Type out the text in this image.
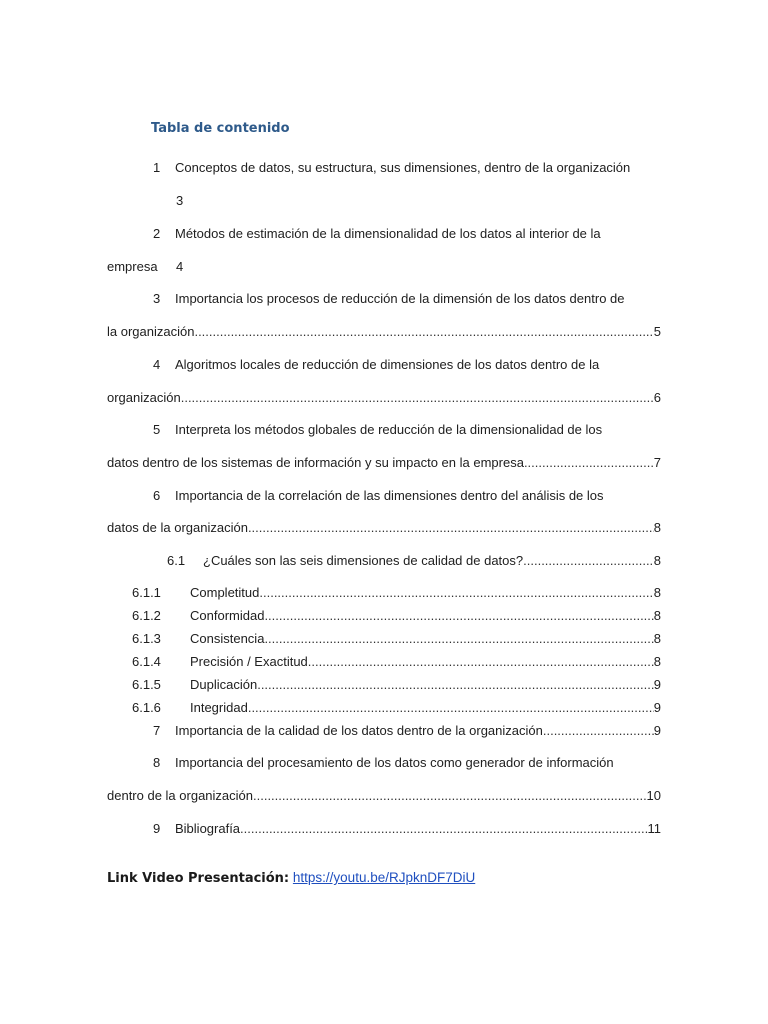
Tabla de contenido
1 Conceptos de datos, su estructura, sus dimensiones, dentro de la organización
3
2 Métodos de estimación de la dimensionalidad de los datos al interior de la
empresa 4
3 Importancia los procesos de reducción de la dimensión de los datos dentro de
la organización .....	5
4 Algoritmos locales de reducción de dimensiones de los datos dentro de la
organización .....	6
5 Interpreta los métodos globales de reducción de la dimensionalidad de los
datos dentro de los sistemas de información y su impacto en la empresa .....	7
6 Importancia de la correlación de las dimensiones dentro del análisis de los
datos de la organización .....	8
6.1	¿Cuáles son las seis dimensiones de calidad de datos? .....	8
6.1.1	Completitud .....	8
6.1.2	Conformidad .....	8
6.1.3	Consistencia .....	8
6.1.4	Precisión / Exactitud .....	8
6.1.5	Duplicación .....	9
6.1.6	Integridad .....	9
7	Importancia de la calidad de los datos dentro de la organización .....	9
8 Importancia del procesamiento de los datos como generador de información
dentro de la organización .....	10
9	Bibliografía .....	11
Link Video Presentación: https://youtu.be/RJpknDF7DiU
